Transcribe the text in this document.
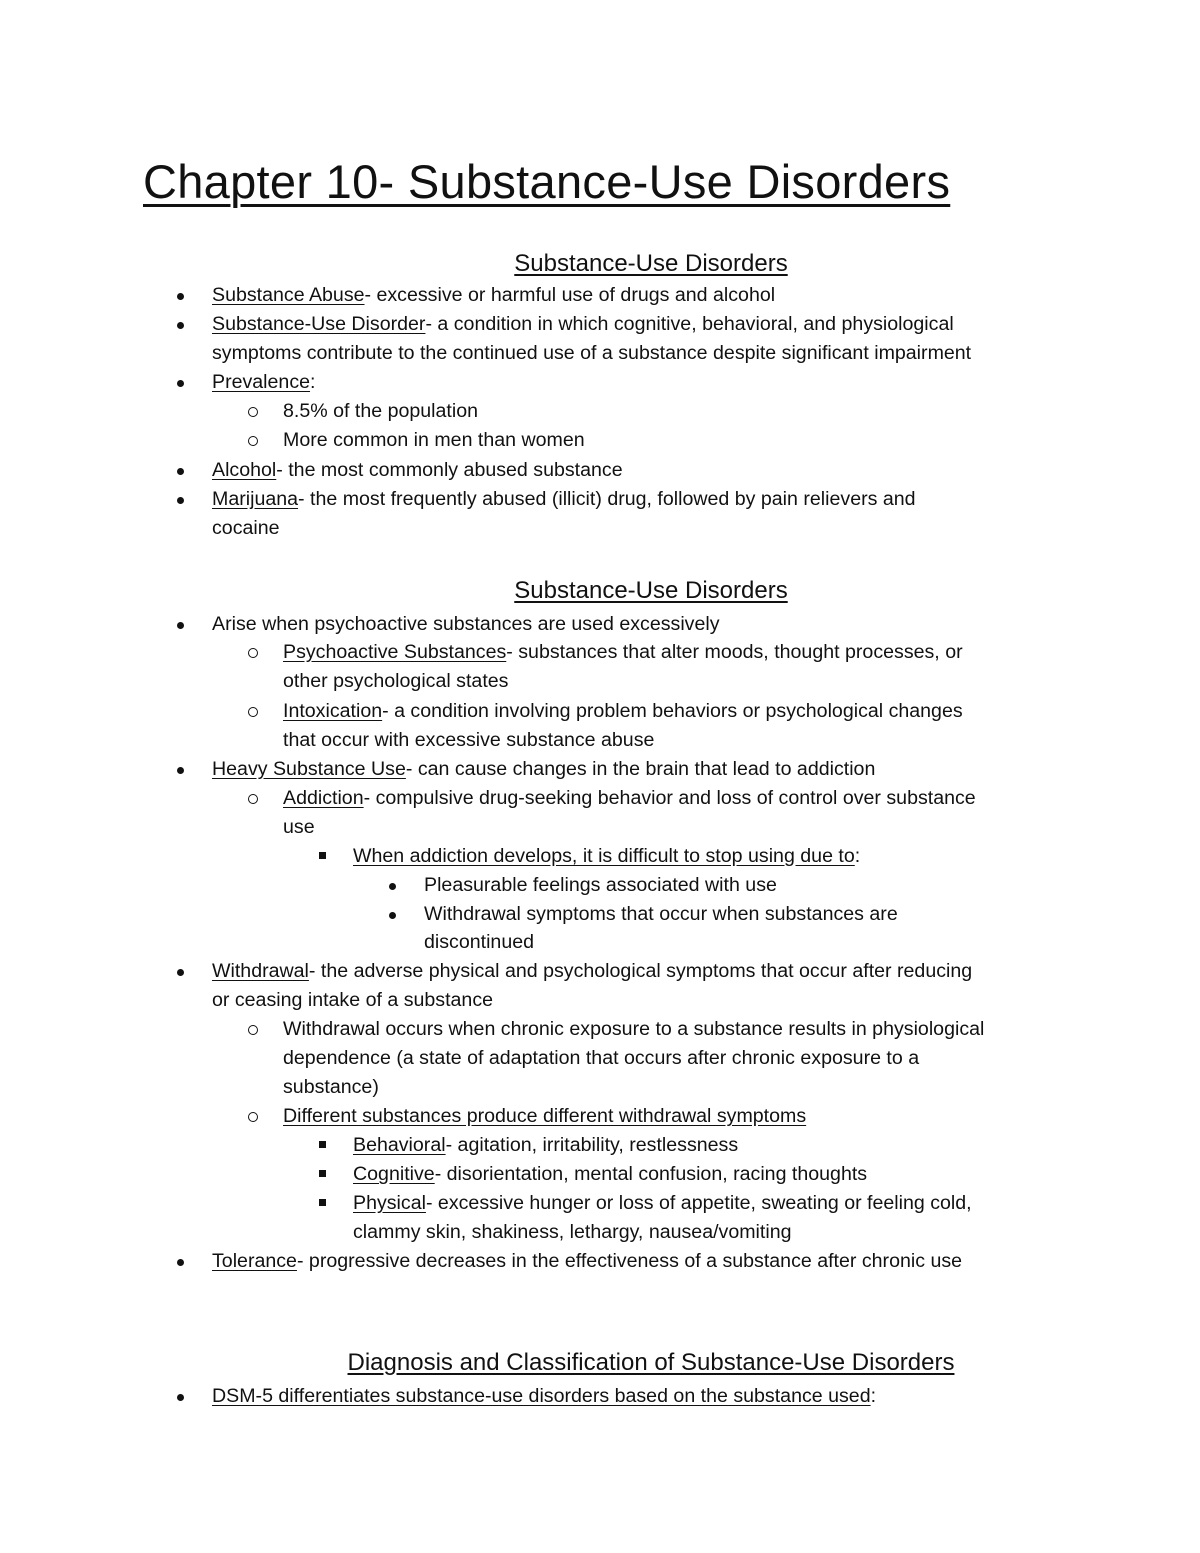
Chapter 10- Substance-Use Disorders
Substance-Use Disorders
Substance Abuse- excessive or harmful use of drugs and alcohol
Substance-Use Disorder- a condition in which cognitive, behavioral, and physiological
symptoms contribute to the continued use of a substance despite significant impairment
Prevalence:
8.5% of the population
More common in men than women
Alcohol- the most commonly abused substance
Marijuana- the most frequently abused (illicit) drug, followed by pain relievers and
cocaine
Substance-Use Disorders
Arise when psychoactive substances are used excessively
Psychoactive Substances- substances that alter moods, thought processes, or
other psychological states
Intoxication- a condition involving problem behaviors or psychological changes
that occur with excessive substance abuse
Heavy Substance Use- can cause changes in the brain that lead to addiction
Addiction- compulsive drug-seeking behavior and loss of control over substance
use
When addiction develops, it is difficult to stop using due to:
Pleasurable feelings associated with use
Withdrawal symptoms that occur when substances are
discontinued
Withdrawal- the adverse physical and psychological symptoms that occur after reducing
or ceasing intake of a substance
Withdrawal occurs when chronic exposure to a substance results in physiological
dependence (a state of adaptation that occurs after chronic exposure to a
substance)
Different substances produce different withdrawal symptoms
Behavioral- agitation, irritability, restlessness
Cognitive- disorientation, mental confusion, racing thoughts
Physical- excessive hunger or loss of appetite, sweating or feeling cold,
clammy skin, shakiness, lethargy, nausea/vomiting
Tolerance- progressive decreases in the effectiveness of a substance after chronic use
Diagnosis and Classification of Substance-Use Disorders
DSM-5 differentiates substance-use disorders based on the substance used:
